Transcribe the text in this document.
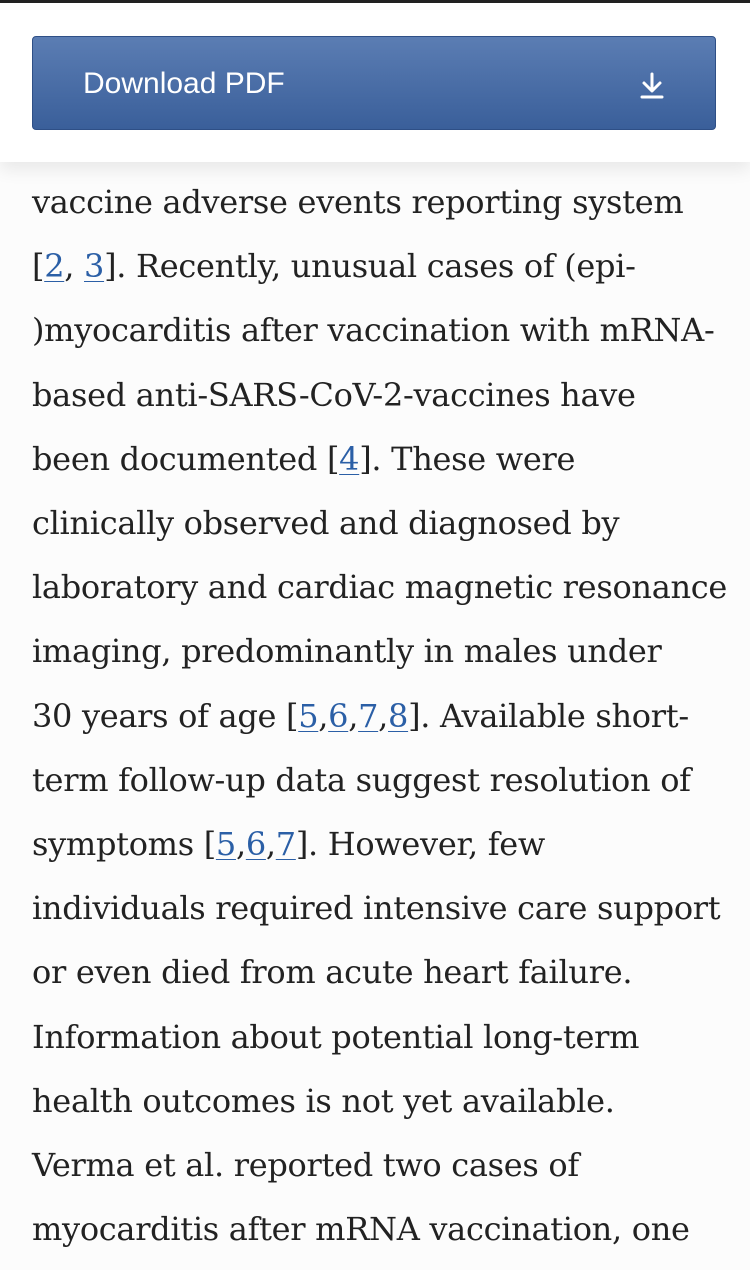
Download PDF
vaccine adverse events reporting system
[2, 3]. Recently, unusual cases of (epi-
)myocarditis after vaccination with mRNA-
based anti-SARS-CoV-2-vaccines have
been documented [4]. These were
clinically observed and diagnosed by
laboratory and cardiac magnetic resonance
imaging, predominantly in males under
30 years of age [5,6,7,8]. Available short-
term follow-up data suggest resolution of
symptoms [5,6,7]. However, few
individuals required intensive care support
or even died from acute heart failure.
Information about potential long-term
health outcomes is not yet available.
Verma et al. reported two cases of
myocarditis after mRNA vaccination, one
